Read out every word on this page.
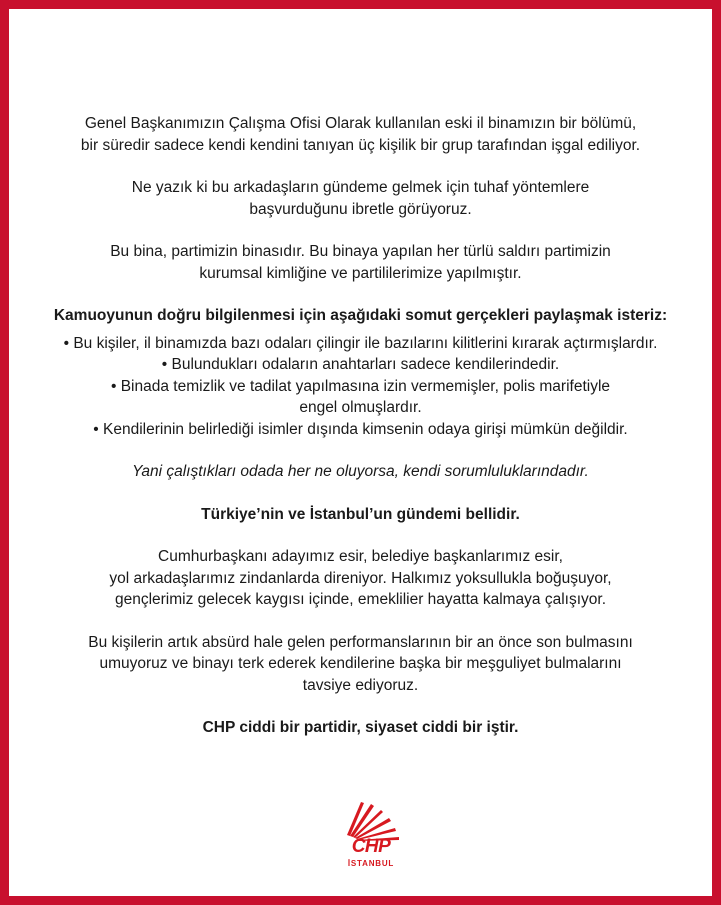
Genel Başkanımızın Çalışma Ofisi Olarak kullanılan eski il binamızın bir bölümü,

bir süredir sadece kendi kendini tanıyan üç kişilik bir grup tarafından işgal ediliyor.

Ne yazık ki bu arkadaşların gündeme gelmek için tuhaf yöntemlere

başvurduğunu ibretle görüyoruz.

Bu bina, partimizin binasıdır. Bu binaya yapılan her türlü saldırı partimizin

kurumsal kimliğine ve partililerimize yapılmıştır.

Kamuoyunun doğru bilgilenmesi için aşağıdaki somut gerçekleri paylaşmak isteriz:

• Bu kişiler, il binamızda bazı odaları çilingir ile bazılarını kilitlerini kırarak açtırmışlardır.

• Bulundukları odaların anahtarları sadece kendilerindedir.

• Binada temizlik ve tadilat yapılmasına izin vermemişler, polis marifetiyle

engel olmuşlardır.

• Kendilerinin belirlediği isimler dışında kimsenin odaya girişi mümkün değildir.

Yani çalıştıkları odada her ne oluyorsa, kendi sorumluluklarındadır.

Türkiye’nin ve İstanbul’un gündemi bellidir.

Cumhurbaşkanı adayımız esir, belediye başkanlarımız esir,

yol arkadaşlarımız zindanlarda direniyor. Halkımız yoksullukla boğuşuyor,

gençlerimiz gelecek kaygısı içinde, emeklilier hayatta kalmaya çalışıyor.

Bu kişilerin artık absürd hale gelen performanslarının bir an önce son bulmasını

umuyoruz ve binayı terk ederek kendilerine başka bir meşguliyet bulmalarını

tavsiye ediyoruz.

CHP ciddi bir partidir, siyaset ciddi bir iştir.

CHP
İSTANBUL
